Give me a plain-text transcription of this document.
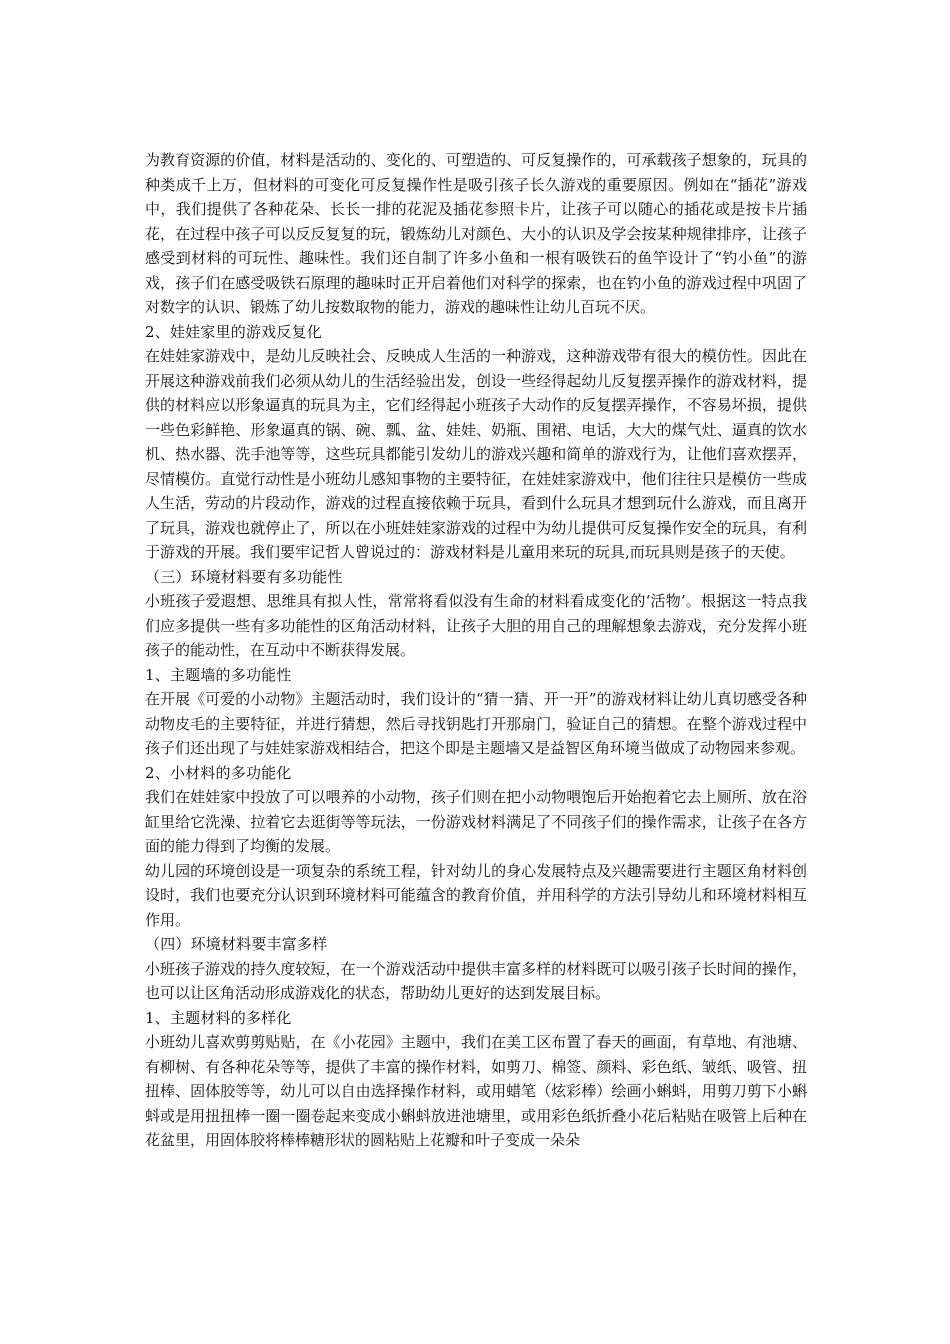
为教育资源的价值，材料是活动的、变化的、可塑造的、可反复操作的，可承载孩子想象的，玩具的种类成千上万，但材料的可变化可反复操作性是吸引孩子长久游戏的重要原因。例如在“插花”游戏中，我们提供了各种花朵、长长一排的花泥及插花参照卡片，让孩子可以随心的插花或是按卡片插花，在过程中孩子可以反反复复的玩，锻炼幼儿对颜色、大小的认识及学会按某种规律排序，让孩子感受到材料的可玩性、趣味性。我们还自制了许多小鱼和一根有吸铁石的鱼竿设计了“钓小鱼”的游戏，孩子们在感受吸铁石原理的趣味时正开启着他们对科学的探索，也在钓小鱼的游戏过程中巩固了对数字的认识、锻炼了幼儿按数取物的能力，游戏的趣味性让幼儿百玩不厌。

2、娃娃家里的游戏反复化

在娃娃家游戏中，是幼儿反映社会、反映成人生活的一种游戏，这种游戏带有很大的模仿性。因此在开展这种游戏前我们必须从幼儿的生活经验出发，创设一些经得起幼儿反复摆弄操作的游戏材料，提供的材料应以形象逼真的玩具为主，它们经得起小班孩子大动作的反复摆弄操作，不容易坏损，提供一些色彩鲜艳、形象逼真的锅、碗、瓢、盆、娃娃、奶瓶、围裙、电话，大大的煤气灶、逼真的饮水机、热水器、洗手池等等，这些玩具都能引发幼儿的游戏兴趣和简单的游戏行为，让他们喜欢摆弄，尽情模仿。直觉行动性是小班幼儿感知事物的主要特征，在娃娃家游戏中，他们往往只是模仿一些成人生活，劳动的片段动作，游戏的过程直接依赖于玩具，看到什么玩具才想到玩什么游戏，而且离开了玩具，游戏也就停止了，所以在小班娃娃家游戏的过程中为幼儿提供可反复操作安全的玩具，有利于游戏的开展。我们要牢记哲人曾说过的：游戏材料是儿童用来玩的玩具,而玩具则是孩子的天使。

（三）环境材料要有多功能性

小班孩子爱遐想、思维具有拟人性，常常将看似没有生命的材料看成变化的‘活物’。根据这一特点我们应多提供一些有多功能性的区角活动材料，让孩子大胆的用自己的理解想象去游戏，充分发挥小班孩子的能动性，在互动中不断获得发展。

1、主题墙的多功能性

在开展《可爱的小动物》主题活动时，我们设计的“猜一猜、开一开”的游戏材料让幼儿真切感受各种动物皮毛的主要特征，并进行猜想，然后寻找钥匙打开那扇门，验证自己的猜想。在整个游戏过程中孩子们还出现了与娃娃家游戏相结合，把这个即是主题墙又是益智区角环境当做成了动物园来参观。

2、小材料的多功能化

我们在娃娃家中投放了可以喂养的小动物，孩子们则在把小动物喂饱后开始抱着它去上厕所、放在浴缸里给它洗澡、拉着它去逛街等等玩法，一份游戏材料满足了不同孩子们的操作需求，让孩子在各方面的能力得到了均衡的发展。

幼儿园的环境创设是一项复杂的系统工程，针对幼儿的身心发展特点及兴趣需要进行主题区角材料创设时，我们也要充分认识到环境材料可能蕴含的教育价值，并用科学的方法引导幼儿和环境材料相互作用。

（四）环境材料要丰富多样

小班孩子游戏的持久度较短，在一个游戏活动中提供丰富多样的材料既可以吸引孩子长时间的操作，也可以让区角活动形成游戏化的状态，帮助幼儿更好的达到发展目标。

1、主题材料的多样化

小班幼儿喜欢剪剪贴贴，在《小花园》主题中，我们在美工区布置了春天的画面，有草地、有池塘、有柳树、有各种花朵等等，提供了丰富的操作材料，如剪刀、棉签、颜料、彩色纸、皱纸、吸管、扭扭棒、固体胶等等，幼儿可以自由选择操作材料，或用蜡笔（炫彩棒）绘画小蝌蚪，用剪刀剪下小蝌蚪或是用扭扭棒一圈一圈卷起来变成小蝌蚪放进池塘里，或用彩色纸折叠小花后粘贴在吸管上后种在花盆里，用固体胶将棒棒糖形状的圆粘贴上花瓣和叶子变成一朵朵
